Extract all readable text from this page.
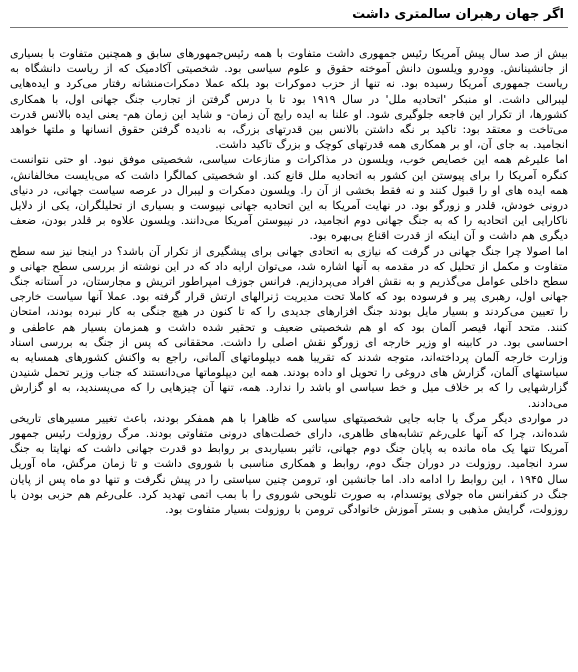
اگر جهان رهبران سالمتری داشت

بیش از صد سال پیش آمریکا رئیس جمهوری داشت متفاوت با همه رئیس‌جمهورهای سابق و همچنین متفاوت با بسیاری از جانشینانش. وودرو ویلسون دانش آموخته حقوق و علوم سیاسی بود. شخصیتی آکادمیک که از ریاست دانشگاه به ریاست جمهوری آمریکا رسیده بود. نه تنها از حزب دموکرات بود بلکه عملا دمکرات‌منشانه رفتار می‌کرد و ایده‌هایی لیبرالی داشت. او منبکر 'اتحادیه ملل' در سال ۱۹۱۹ بود تا با درس گرفتن از تجارب جنگ جهانی اول، با همکاری کشورها، از تکرار این فاجعه جلوگیری شود. او علنا به ایده رایج آن زمان- و شاید این زمان هم- یعنی ایده بالانس قدرت می‌تاخت و معتقد بود: تاکید بر نگه داشتن بالانس بین قدرتهای بزرگ، به نادیده گرفتن حقوق انسانها و ملتها خواهد انجامید. به جای آن، او بر همکاری همه قدرتهای کوچک و بزرگ تاکید داشت.

اما علیرغم همه این خصایص خوب، ویلسون در مذاکرات و منازعات سیاسی، شخصیتی موفق نبود. او حتی نتوانست کنگره آمریکا را برای پیوستن این کشور به اتحادیه ملل قانع کند. او شخصیتی کمالگرا داشت که می‌بایست مخالفانش، همه ایده های او را قبول کنند و نه فقط بخشی از آن را. ویلسون دمکرات و لیبرال در عرصه سیاست جهانی، در دنیای درونی خودش، قلدر و زورگو بود. در نهایت آمریکا به این اتحادیه جهانی نپیوست و بسیاری از تحلیلگران، یکی از دلایل ناکارایی این اتحادیه را که به جنگ جهانی دوم انجامید، در نپیوستن آمریکا می‌دانند. ویلسون علاوه بر قلدر بودن، ضعف دیگری هم داشت و آن اینکه از قدرت اقناع بی‌بهره بود.

اما اصولا چرا جنگ جهانی در گرفت که نیازی به اتحادی جهانی برای پیشگیری از تکرار آن باشد؟ در اینجا نیز سه سطح متفاوت و مکمل از تحلیل که در مقدمه به آنها اشاره شد، می‌توان ارایه داد که در این نوشته از بررسی سطح جهانی و سطح داخلی عوامل می‌گذریم و به نقش افراد می‌پردازیم. فرانس جوزف امپراطور اتریش و مجارستان، در آستانه جنگ جهانی اول، رهبری پیر و فرسوده بود که کاملا تحت مدیریت ژنرالهای ارتش قرار گرفته بود. عملا آنها سیاست خارجی را تعیین می‌کردند و بسیار مایل بودند جنگ افزارهای جدیدی را که تا کنون در هیچ جنگی به کار نبرده بودند، امتحان کنند. متحد آنها، قیصر آلمان بود که او هم شخصیتی ضعیف و تحقیر شده داشت و همزمان بسیار هم عاطفی و احساسی بود. در کابینه او وزیر خارجه ای زورگو نقش اصلی را داشت. محققانی که پس از جنگ به بررسی اسناد وزارت خارجه آلمان پرداخته‌اند، متوجه شدند که تقریبا همه دیپلوماتهای آلمانی، راجع به واکنش کشورهای همسایه به سیاستهای آلمان، گزارش های دروغی را تحویل او داده بودند. همه این دیپلوماتها می‌دانستند که جناب وزیر تحمل شنیدن گزارشهایی را که بر خلاف میل و خط سیاسی او باشد را ندارد. همه، تنها آن چیزهایی را که می‌پسندید، به او گزارش می‌دادند.

در مواردی دیگر مرگ یا جابه جایی شخصیتهای سیاسی که ظاهرا با هم همفکر بودند، باعث تغییر مسیرهای تاریخی شده‌اند، چرا که آنها علی‌رغم تشابه‌های ظاهری، دارای خصلت‌های درونی متفاوتی بودند. مرگ روزولت رئیس جمهور آمریکا تنها یک ماه مانده به پایان جنگ دوم جهانی، تاثیر بسیاربدی بر روابط دو قدرت جهانی داشت که نهایتا به جنگ سرد انجامید. روزولت در دوران جنگ دوم، روابط و همکاری مناسبی با شوروی داشت و تا زمان مرگش، ماه آوریل سال ۱۹۴۵ ، این روابط را ادامه داد. اما جانشین او، ترومن چنین سیاستی را در پیش نگرفت و تنها دو ماه پس از پایان جنگ در کنفرانس ماه جولای پوتسدام، به صورت تلویحی شوروی را با بمب اتمی تهدید کرد. علی‌رغم هم حزبی بودن با روزولت، گرایش مذهبی و بستر آموزش خانوادگی ترومن با روزولت بسیار متفاوت بود.
